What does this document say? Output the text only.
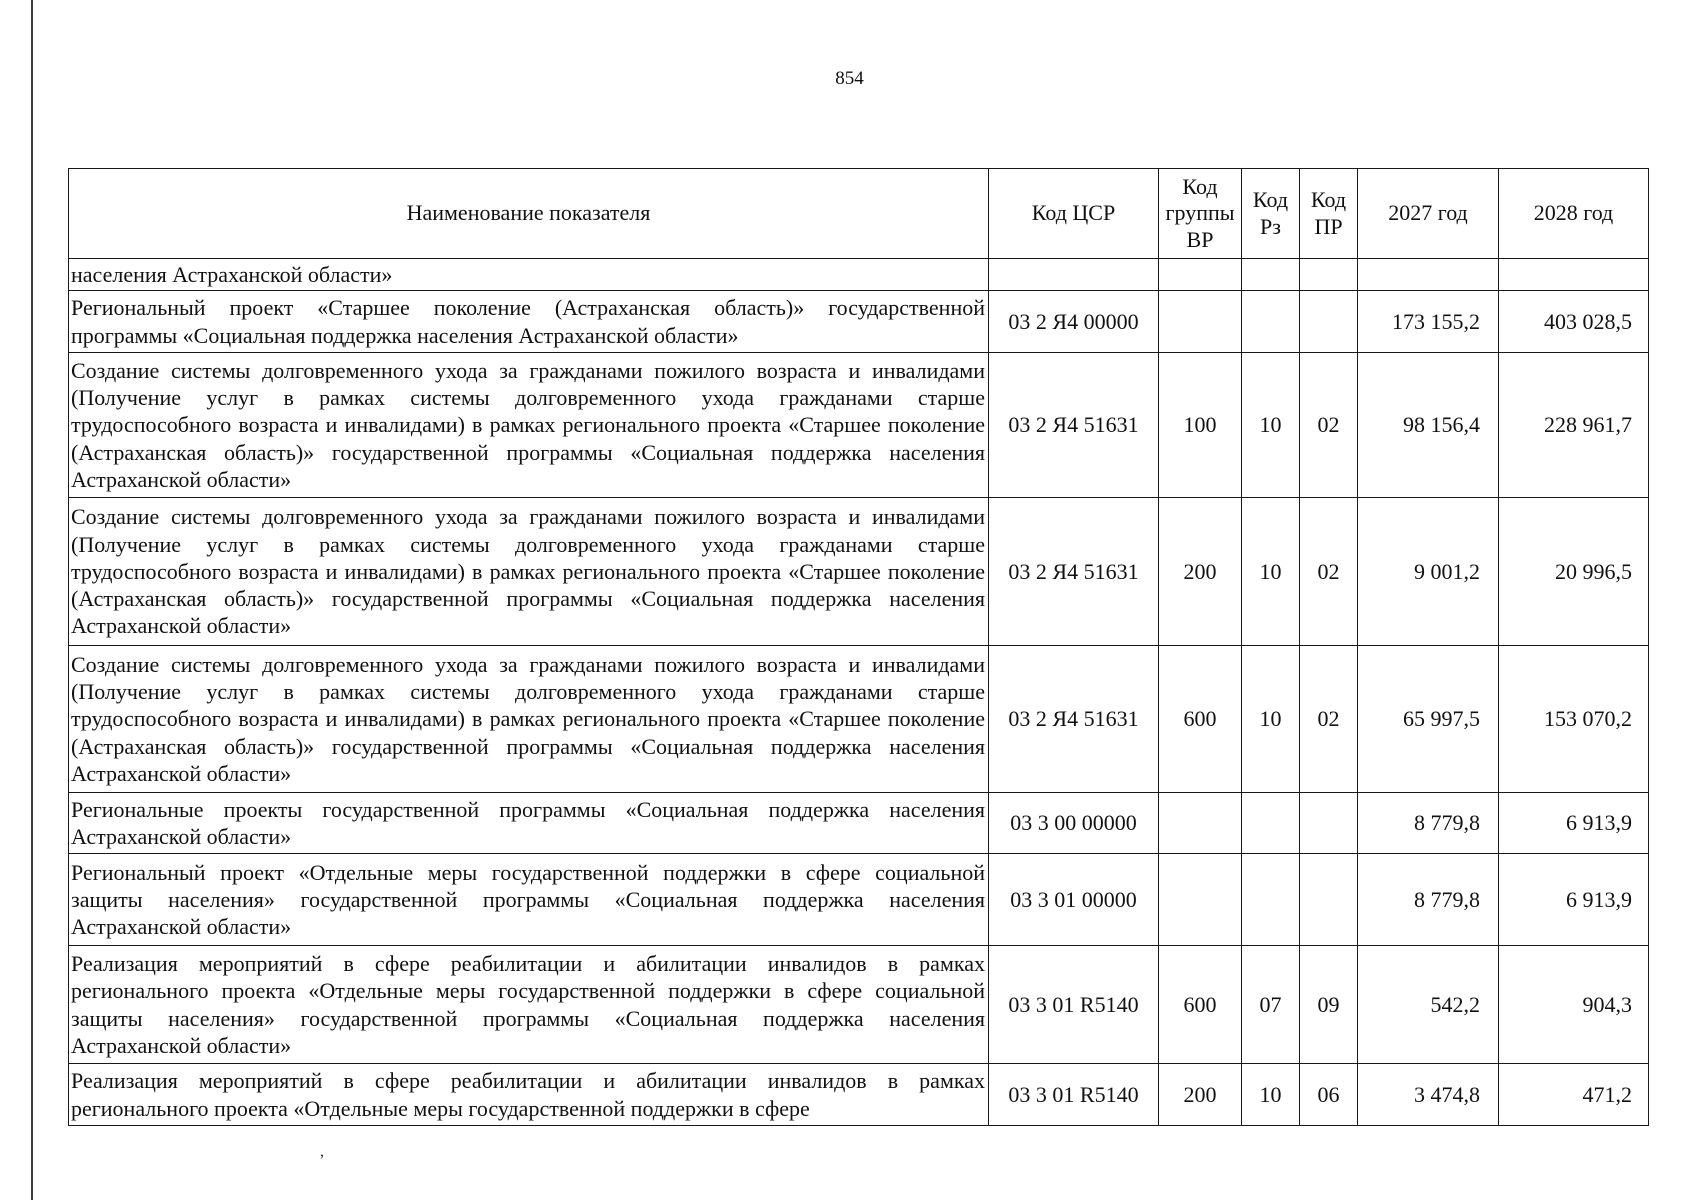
854
Наименование показателя	Код ЦСР	Код группы ВР	Код Рз	Код ПР	2027 год	2028 год
населения Астраханской области»						
Региональный проект «Старшее поколение (Астраханская область)» государственной программы «Социальная поддержка населения Астраханской области»	03 2 Я4 00000				173 155,2	403 028,5
Создание системы долговременного ухода за гражданами пожилого возраста и инвалидами (Получение услуг в рамках системы долговременного ухода гражданами старше трудоспособного возраста и инвалидами) в рамках регионального проекта «Старшее поколение (Астраханская область)» государственной программы «Социальная поддержка населения Астраханской области»	03 2 Я4 51631	100	10	02	98 156,4	228 961,7
Создание системы долговременного ухода за гражданами пожилого возраста и инвалидами (Получение услуг в рамках системы долговременного ухода гражданами старше трудоспособного возраста и инвалидами) в рамках регионального проекта «Старшее поколение (Астраханская область)» государственной программы «Социальная поддержка населения Астраханской области»	03 2 Я4 51631	200	10	02	9 001,2	20 996,5
Создание системы долговременного ухода за гражданами пожилого возраста и инвалидами (Получение услуг в рамках системы долговременного ухода гражданами старше трудоспособного возраста и инвалидами) в рамках регионального проекта «Старшее поколение (Астраханская область)» государственной программы «Социальная поддержка населения Астраханской области»	03 2 Я4 51631	600	10	02	65 997,5	153 070,2
Региональные проекты государственной программы «Социальная поддержка населения Астраханской области»	03 3 00 00000				8 779,8	6 913,9
Региональный проект «Отдельные меры государственной поддержки в сфере социальной защиты населения» государственной программы «Социальная поддержка населения Астраханской области»	03 3 01 00000				8 779,8	6 913,9
Реализация мероприятий в сфере реабилитации и абилитации инвалидов в рамках регионального проекта «Отдельные меры государственной поддержки в сфере социальной защиты населения» государственной программы «Социальная поддержка населения Астраханской области»	03 3 01 R5140	600	07	09	542,2	904,3
Реализация мероприятий в сфере реабилитации и абилитации инвалидов в рамках регионального проекта «Отдельные меры государственной поддержки в сфере	03 3 01 R5140	200	10	06	3 474,8	471,2
,
